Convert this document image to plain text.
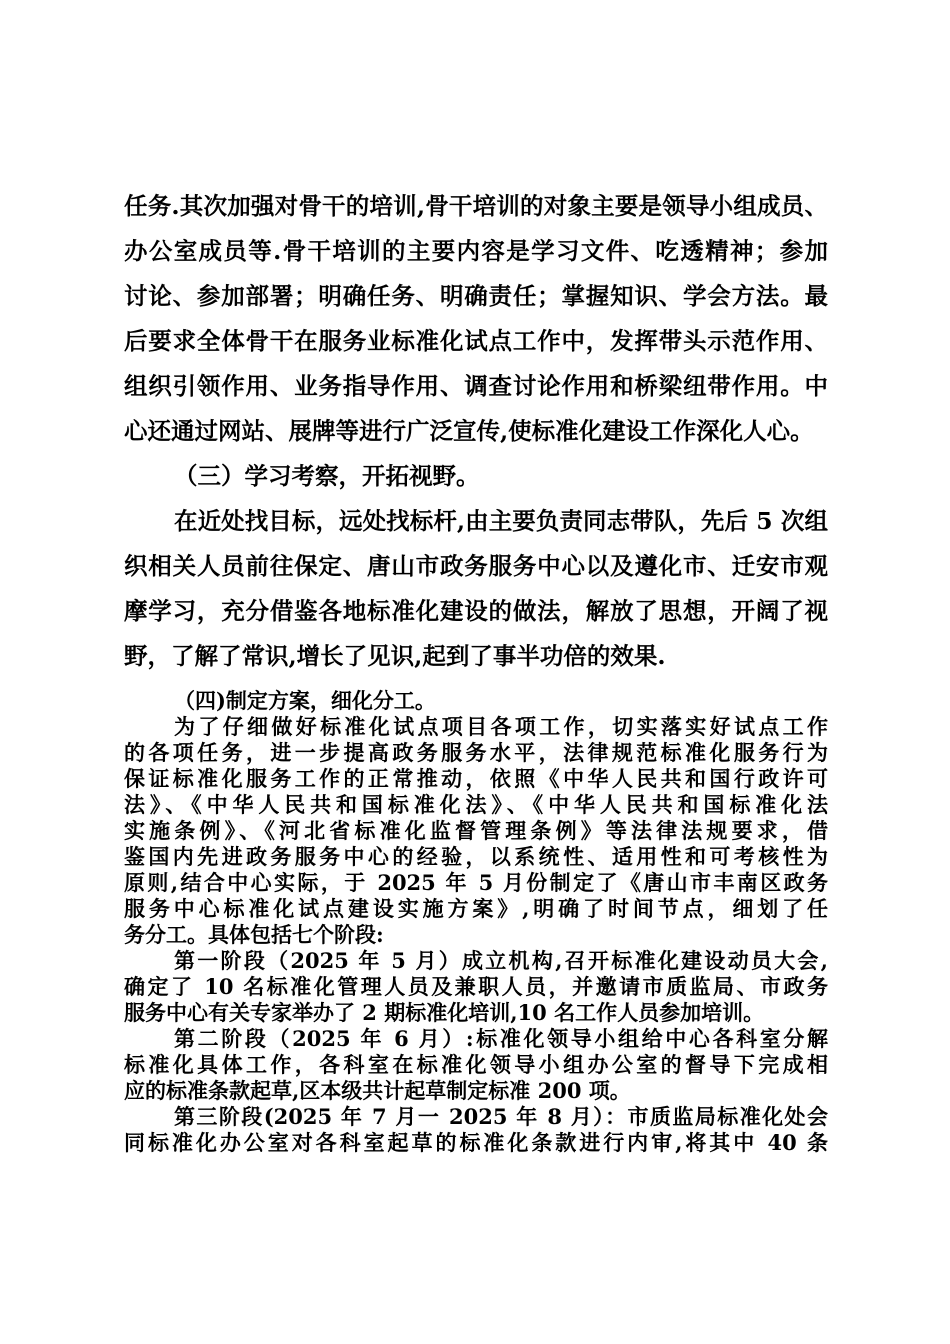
任务.其次加强对骨干的培训,骨干培训的对象主要是领导小组成员、
办公室成员等.骨干培训的主要内容是学习文件、吃透精神；参加
讨论、参加部署；明确任务、明确责任；掌握知识、学会方法。最
后要求全体骨干在服务业标准化试点工作中，发挥带头示范作用、
组织引领作用、业务指导作用、调查讨论作用和桥梁纽带作用。中
心还通过网站、展牌等进行广泛宣传,使标准化建设工作深化人心。
（三）学习考察，开拓视野。
在近处找目标，远处找标杆,由主要负责同志带队，先后 5 次组
织相关人员前往保定、唐山市政务服务中心以及遵化市、迁安市观
摩学习，充分借鉴各地标准化建设的做法，解放了思想，开阔了视
野，了解了常识,增长了见识,起到了事半功倍的效果.
（四)制定方案，细化分工。
为了仔细做好标准化试点项目各项工作，切实落实好试点工作
的各项任务，进一步提高政务服务水平，法律规范标准化服务行为
保证标准化服务工作的正常推动，依照《中华人民共和国行政许可
法》、《中华人民共和国标准化法》、《中华人民共和国标准化法
实施条例》、《河北省标准化监督管理条例》等法律法规要求，借
鉴国内先进政务服务中心的经验，以系统性、适用性和可考核性为
原则,结合中心实际，于 2025 年 5 月份制定了《唐山市丰南区政务
服务中心标准化试点建设实施方案》,明确了时间节点，细划了任
务分工。具体包括七个阶段:
第一阶段（2025 年 5 月）成立机构,召开标准化建设动员大会,
确定了 10 名标准化管理人员及兼职人员，并邀请市质监局、市政务
服务中心有关专家举办了 2 期标准化培训,10 名工作人员参加培训。
第二阶段（2025 年 6 月）:标准化领导小组给中心各科室分解
标准化具体工作，各科室在标准化领导小组办公室的督导下完成相
应的标准条款起草,区本级共计起草制定标准 200 项。
第三阶段(2025 年 7 月一 2025 年 8 月）：市质监局标准化处会
同标准化办公室对各科室起草的标准化条款进行内审,将其中 40 条
